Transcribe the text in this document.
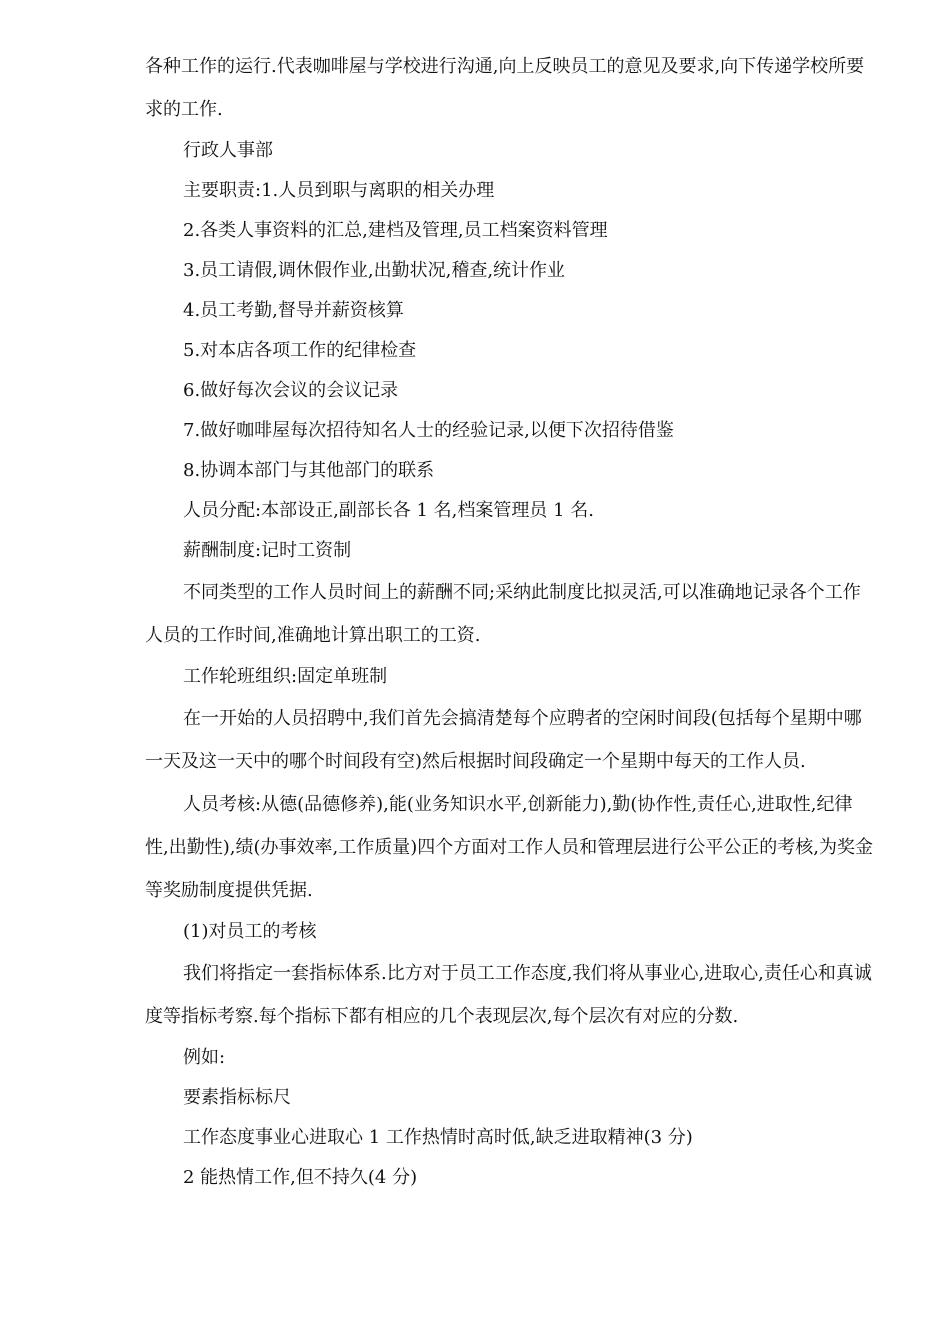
各种工作的运行.代表咖啡屋与学校进行沟通,向上反映员工的意见及要求,向下传递学校所要求的工作.

行政人事部

主要职责:1.人员到职与离职的相关办理

2.各类人事资料的汇总,建档及管理,员工档案资料管理

3.员工请假,调休假作业,出勤状况,稽查,统计作业

4.员工考勤,督导并薪资核算

5.对本店各项工作的纪律检查

6.做好每次会议的会议记录

7.做好咖啡屋每次招待知名人士的经验记录,以便下次招待借鉴

8.协调本部门与其他部门的联系

人员分配:本部设正,副部长各 1 名,档案管理员 1 名.

薪酬制度:记时工资制

不同类型的工作人员时间上的薪酬不同;采纳此制度比拟灵活,可以准确地记录各个工作人员的工作时间,准确地计算出职工的工资.

工作轮班组织:固定单班制

在一开始的人员招聘中,我们首先会搞清楚每个应聘者的空闲时间段(包括每个星期中哪一天及这一天中的哪个时间段有空)然后根据时间段确定一个星期中每天的工作人员.

人员考核:从德(品德修养),能(业务知识水平,创新能力),勤(协作性,责任心,进取性,纪律性,出勤性),绩(办事效率,工作质量)四个方面对工作人员和管理层进行公平公正的考核,为奖金等奖励制度提供凭据.

(1)对员工的考核

我们将指定一套指标体系.比方对于员工工作态度,我们将从事业心,进取心,责任心和真诚度等指标考察.每个指标下都有相应的几个表现层次,每个层次有对应的分数.

例如:

要素指标标尺

工作态度事业心进取心 1 工作热情时高时低,缺乏进取精神(3 分)

2 能热情工作,但不持久(4 分)
